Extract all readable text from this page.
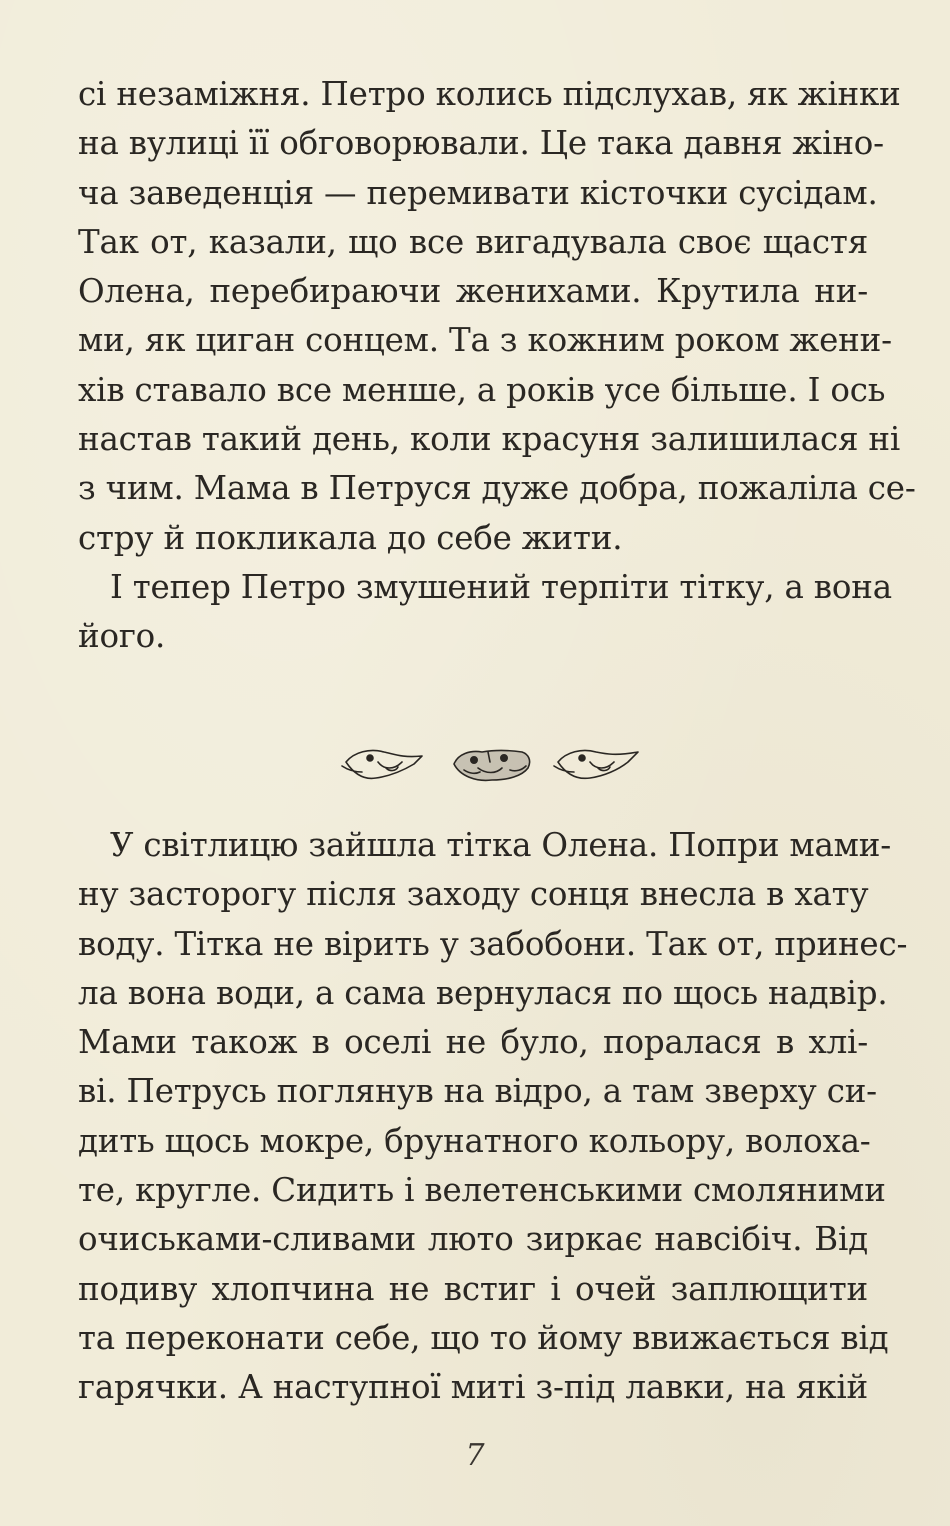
сі незаміжня. Петро колись підслухав, як жінки
на вулиці її обговорювали. Це така давня жіно-
ча заведенція — перемивати кісточки сусідам.
Так от, казали, що все вигадувала своє щастя
Олена, перебираючи женихами. Крутила ни-
ми, як циган сонцем. Та з кожним роком жени-
хів ставало все менше, а років усе більше. І ось
настав такий день, коли красуня залишилася ні
з чим. Мама в Петруся дуже добра, пожаліла се-
стру й покликала до себе жити.
І тепер Петро змушений терпіти тітку, а вона
його.
У світлицю зайшла тітка Олена. Попри мами-
ну засторогу після заходу сонця внесла в хату
воду. Тітка не вірить у забобони. Так от, принес-
ла вона води, а сама вернулася по щось надвір.
Мами також в оселі не було, поралася в хлі-
ві. Петрусь поглянув на відро, а там зверху си-
дить щось мокре, брунатного кольору, волоха-
те, кругле. Сидить і велетенськими смоляними
очиськами-сливами люто зиркає навсібіч. Від
подиву хлопчина не встиг і очей заплющити
та переконати себе, що то йому ввижається від
гарячки. А наступної миті з-під лавки, на якій
7
